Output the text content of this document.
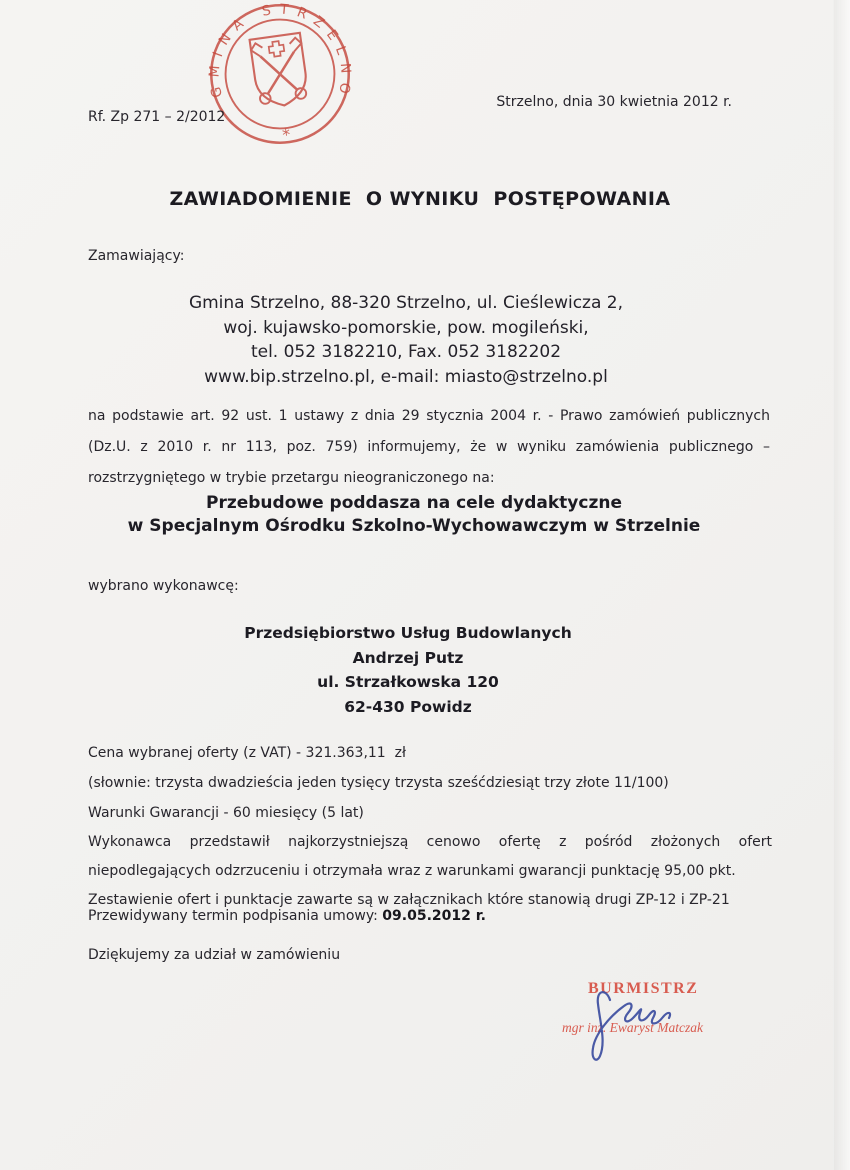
GMINA STRZELNO
*
Strzelno, dnia 30 kwietnia 2012 r.
Rf. Zp 271 – 2/2012
ZAWIADOMIENIE  O WYNIKU  POSTĘPOWANIA
Zamawiający:
Gmina Strzelno, 88-320 Strzelno, ul. Cieślewicza 2,
woj. kujawsko-pomorskie, pow. mogileński,
tel. 052 3182210, Fax. 052 3182202
www.bip.strzelno.pl, e-mail: miasto@strzelno.pl
na podstawie art. 92 ust. 1 ustawy z dnia 29 stycznia 2004 r. - Prawo zamówień publicznych (Dz.U. z 2010 r. nr 113, poz. 759) informujemy, że w wyniku zamówienia publicznego – rozstrzygniętego w trybie przetargu nieograniczonego na:
Przebudowe poddasza na cele dydaktyczne
w Specjalnym Ośrodku Szkolno-Wychowawczym w Strzelnie
wybrano wykonawcę:
Przedsiębiorstwo Usług Budowlanych
Andrzej Putz
ul. Strzałkowska 120
62-430 Powidz
Cena wybranej oferty (z VAT) - 321.363,11  zł
(słownie: trzysta dwadzieścia jeden tysięcy trzysta sześćdziesiąt trzy złote 11/100)
Warunki Gwarancji - 60 miesięcy (5 lat)
Wykonawca przedstawił najkorzystniejszą cenowo ofertę z pośród złożonych ofert niepodlegających odzrzuceniu i otrzymała wraz z warunkami gwarancji punktację 95,00 pkt.
Zestawienie ofert i punktacje zawarte są w załącznikach które stanowią drugi ZP-12 i ZP-21
Przewidywany termin podpisania umowy: 09.05.2012 r.
Dziękujemy za udział w zamówieniu
BURMISTRZ
mgr inż. Ewaryst Matczak
